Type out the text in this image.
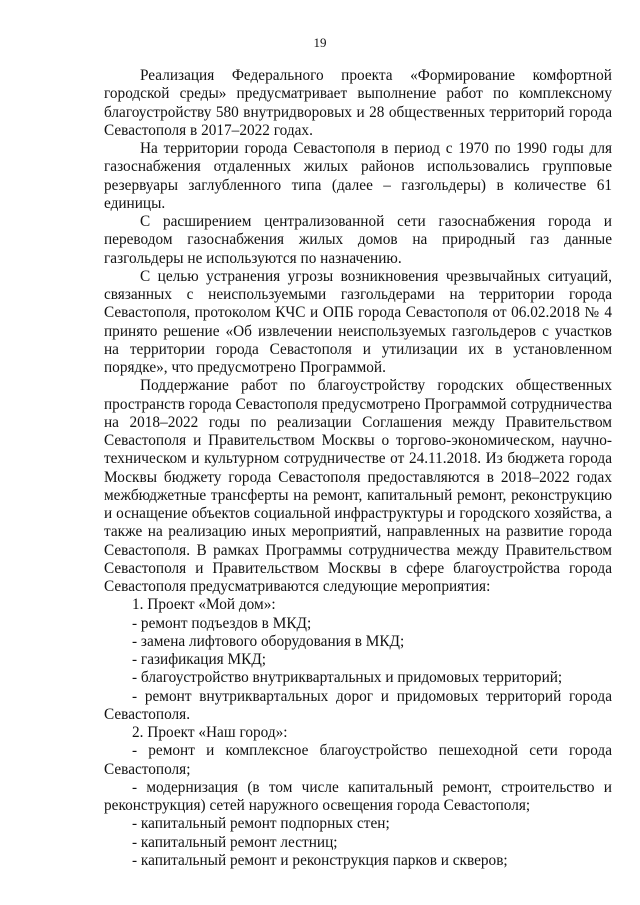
19

Реализация Федерального проекта «Формирование комфортной городской среды» предусматривает выполнение работ по комплексному благоустройству 580 внутридворовых и 28 общественных территорий города Севастополя в 2017–2022 годах.

На территории города Севастополя в период с 1970 по 1990 годы для газоснабжения отдаленных жилых районов использовались групповые резервуары заглубленного типа (далее – газгольдеры) в количестве 61 единицы.

С расширением централизованной сети газоснабжения города и переводом газоснабжения жилых домов на природный газ данные газгольдеры не используются по назначению.

С целью устранения угрозы возникновения чрезвычайных ситуаций, связанных с неиспользуемыми газгольдерами на территории города Севастополя, протоколом КЧС и ОПБ города Севастополя от 06.02.2018 № 4 принято решение «Об извлечении неиспользуемых газгольдеров с участков на территории города Севастополя и утилизации их в установленном порядке», что предусмотрено Программой.

Поддержание работ по благоустройству городских общественных пространств города Севастополя предусмотрено Программой сотрудничества на 2018–2022 годы по реализации Соглашения между Правительством Севастополя и Правительством Москвы о торгово-экономическом, научно-техническом и культурном сотрудничестве от 24.11.2018. Из бюджета города Москвы бюджету города Севастополя предоставляются в 2018–2022 годах межбюджетные трансферты на ремонт, капитальный ремонт, реконструкцию и оснащение объектов социальной инфраструктуры и городского хозяйства, а также на реализацию иных мероприятий, направленных на развитие города Севастополя. В рамках Программы сотрудничества между Правительством Севастополя и Правительством Москвы в сфере благоустройства города Севастополя предусматриваются следующие мероприятия:

1. Проект «Мой дом»:

- ремонт подъездов в МКД;

- замена лифтового оборудования в МКД;

- газификация МКД;

- благоустройство внутриквартальных и придомовых территорий;

- ремонт внутриквартальных дорог и придомовых территорий города Севастополя.

2. Проект «Наш город»:

- ремонт и комплексное благоустройство пешеходной сети города Севастополя;

- модернизация (в том числе капитальный ремонт, строительство и реконструкция) сетей наружного освещения города Севастополя;

- капитальный ремонт подпорных стен;

- капитальный ремонт лестниц;

- капитальный ремонт и реконструкция парков и скверов;
